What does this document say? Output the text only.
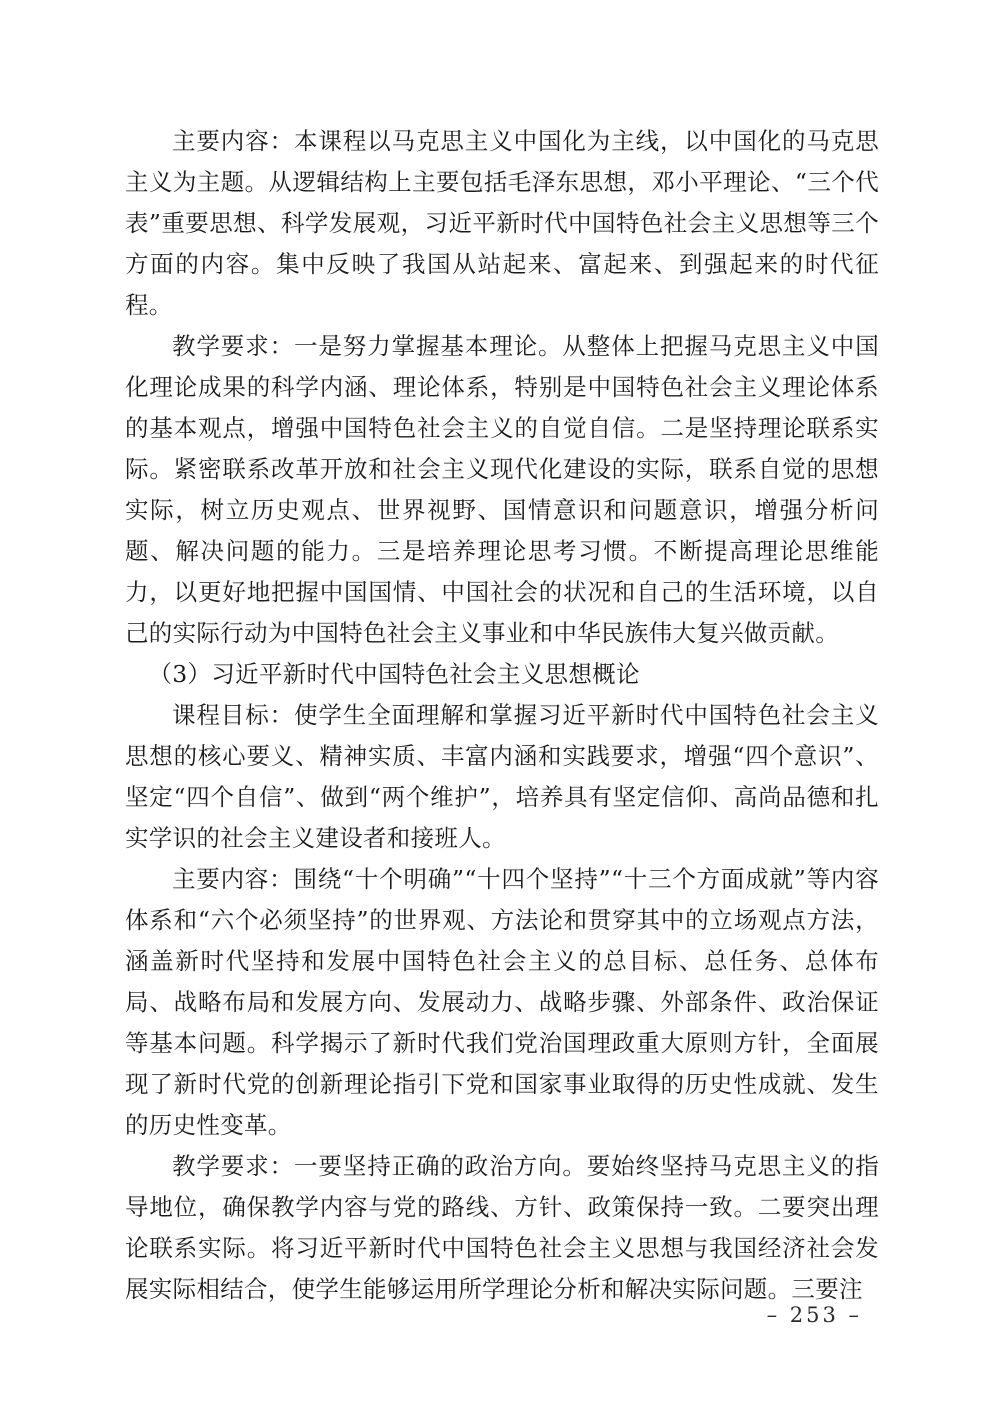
主要内容：本课程以马克思主义中国化为主线，以中国化的马克思主义为主题。从逻辑结构上主要包括毛泽东思想，邓小平理论、“三个代表”重要思想、科学发展观，习近平新时代中国特色社会主义思想等三个方面的内容。集中反映了我国从站起来、富起来、到强起来的时代征程。

教学要求：一是努力掌握基本理论。从整体上把握马克思主义中国化理论成果的科学内涵、理论体系，特别是中国特色社会主义理论体系的基本观点，增强中国特色社会主义的自觉自信。二是坚持理论联系实际。紧密联系改革开放和社会主义现代化建设的实际，联系自觉的思想实际，树立历史观点、世界视野、国情意识和问题意识，增强分析问题、解决问题的能力。三是培养理论思考习惯。不断提高理论思维能力，以更好地把握中国国情、中国社会的状况和自己的生活环境，以自己的实际行动为中国特色社会主义事业和中华民族伟大复兴做贡献。

（3）习近平新时代中国特色社会主义思想概论

课程目标：使学生全面理解和掌握习近平新时代中国特色社会主义思想的核心要义、精神实质、丰富内涵和实践要求，增强“四个意识”、坚定“四个自信”、做到“两个维护”，培养具有坚定信仰、高尚品德和扎实学识的社会主义建设者和接班人。

主要内容：围绕“十个明确”“十四个坚持”“十三个方面成就”等内容体系和“六个必须坚持”的世界观、方法论和贯穿其中的立场观点方法，涵盖新时代坚持和发展中国特色社会主义的总目标、总任务、总体布局、战略布局和发展方向、发展动力、战略步骤、外部条件、政治保证等基本问题。科学揭示了新时代我们党治国理政重大原则方针，全面展现了新时代党的创新理论指引下党和国家事业取得的历史性成就、发生的历史性变革。

教学要求：一要坚持正确的政治方向。要始终坚持马克思主义的指导地位，确保教学内容与党的路线、方针、政策保持一致。二要突出理论联系实际。将习近平新时代中国特色社会主义思想与我国经济社会发展实际相结合，使学生能够运用所学理论分析和解决实际问题。三要注

– 253 –
